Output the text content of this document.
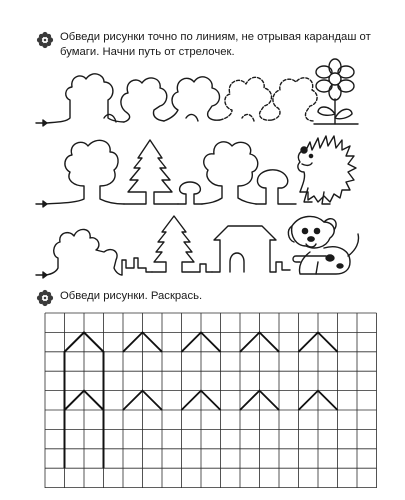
Обведи рисунки точно по линиям, не отрывая карандаш от бумаги. Начни путь от стрелочек.
Обведи рисунки. Раскрась.
